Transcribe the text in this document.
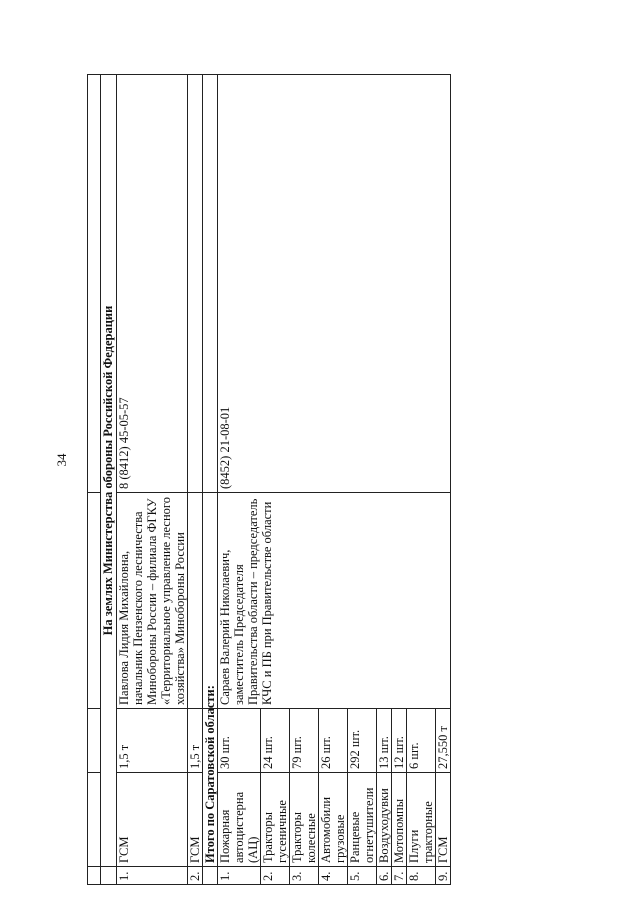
34

		На землях Министерства обороны Российской Федерации			
1.	ГСМ	1,5 т	Павлова Лидия Михайловна, начальник Пензенского лесничества Минобороны России – филиала ФГКУ «Территориальное управление лесного хозяйства» Минобороны России	8 (8412) 45-05-57
2.	ГСМ	1,5 т		
	Итого по Саратовской области:			
1.	Пожарная автоцистерна (АЦ)	30 шт.	Сараев Валерий Николаевич, заместитель Председателя Правительства области – председатель КЧС и ПБ при Правительстве области	(8452) 21-08-01
2.	Тракторы гусеничные	24 шт.		
3.	Тракторы колесные	79 шт.		
4.	Автомобили грузовые	26 шт.		
5.	Ранцевые огнетушители	292 шт.		
6.	Воздуходувки	13 шт.		
7.	Мотопомпы	12 шт.		
8.	Плуги тракторные	6 шт.		
9.	ГСМ	27,550 т		
